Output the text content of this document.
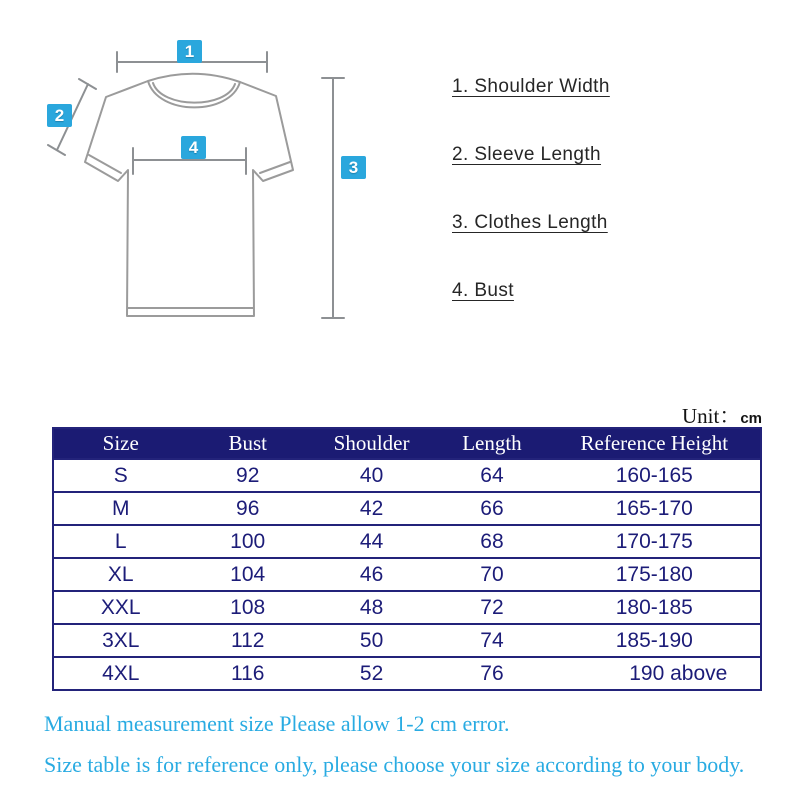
1
2
3
4
1. Shoulder Width
2. Sleeve Length
3. Clothes Length
4. Bust
Unit：cm
Size	Bust	Shoulder	Length	Reference Height
S	92	40	64	160-165
M	96	42	66	165-170
L	100	44	68	170-175
XL	104	46	70	175-180
XXL	108	48	72	180-185
3XL	112	50	74	185-190
4XL	116	52	76	190 above
Manual measurement size Please allow 1-2 cm error.
Size table is for reference only, please choose your size according to your body.
